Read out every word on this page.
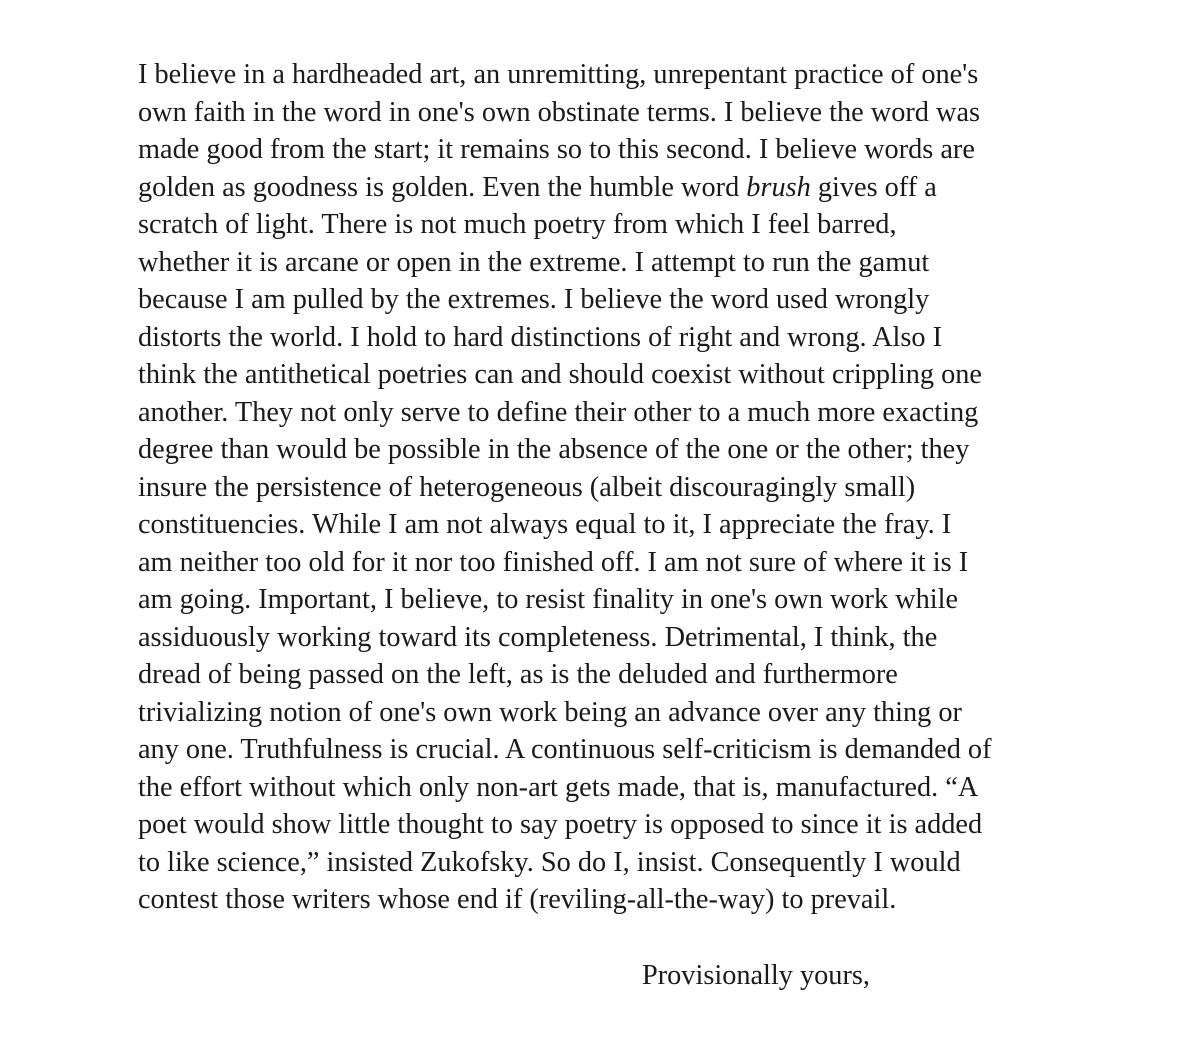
I believe in a hardheaded art, an unremitting, unrepentant practice of one's
own faith in the word in one's own obstinate terms. I believe the word was
made good from the start; it remains so to this second. I believe words are
golden as goodness is golden. Even the humble word brush gives off a
scratch of light. There is not much poetry from which I feel barred,
whether it is arcane or open in the extreme. I attempt to run the gamut
because I am pulled by the extremes. I believe the word used wrongly
distorts the world. I hold to hard distinctions of right and wrong. Also I
think the antithetical poetries can and should coexist without crippling one
another. They not only serve to define their other to a much more exacting
degree than would be possible in the absence of the one or the other; they
insure the persistence of heterogeneous (albeit discouragingly small)
constituencies. While I am not always equal to it, I appreciate the fray. I
am neither too old for it nor too finished off. I am not sure of where it is I
am going. Important, I believe, to resist finality in one's own work while
assiduously working toward its completeness. Detrimental, I think, the
dread of being passed on the left, as is the deluded and furthermore
trivializing notion of one's own work being an advance over any thing or
any one. Truthfulness is crucial. A continuous self-criticism is demanded of
the effort without which only non-art gets made, that is, manufactured. “A
poet would show little thought to say poetry is opposed to since it is added
to like science,” insisted Zukofsky. So do I, insist. Consequently I would
contest those writers whose end if (reviling-all-the-way) to prevail.
Provisionally yours,
